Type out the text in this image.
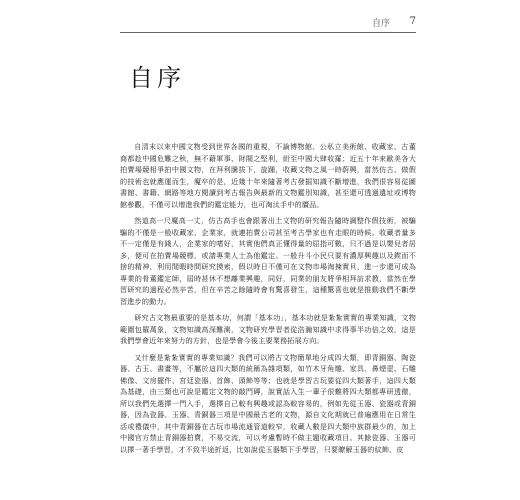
自序 7
自序

自清末以來中國文物受到世界各國的重視，不論博物館、公私立美術館、收藏家、古董商都趁中國危難之秋，無不藉軍事、財閥之堅利，紛至中國大肆收羅；近五十年來歐美各大拍賣場競相爭拍中國文物，在拜利騰拔下，旋踵，收藏文物之風一時蔚興，當然仿古、做假的技術也就應運而生，魔卒的是，近幾十年來隨著考古發掘知識不斷增進，我們很容易從圖書館、書籍、網路等地方閱讀到考古報告與最新的文物鑑別知識，甚至還可透過遺址或博物館參觀，不僅可以增進我們的鑑定能力，也可淘汰手中的贗品。

然道高一尺魔高一丈，仿古高手也會跟著出土文物的研究報告隨時調整作假技術，被騙騙的不僅是一般收藏家、企業家，就連拍賣公司甚至考古學家也有走眼的時候。收藏者量多不一定僅是有錢人，企業家的嗜好，其實他們真正懂得量的屈指可數，只不過是以嬰兒者居多，便可在拍賣場競標，或請專業人士為他鑑定。一般升斗小民只要有濃厚興趣以及鍥而不捨的精神，利用閒暇時間研究摸索，假以時日不僅可在文物市場淘揀實貝，進一步還可成為專業的骨董鑑定師，屆時甚休不想離業興趣，同好，同業的朋友將爭相拜訪求教，當然在學習研究的過程必然辛苦，但在辛苦之餘隨時會有驚喜發生，這種驚喜也就是推動我們不斷學習進步的動力。

研究古文物最重要的是基本功，何謂「基本功」，基本功就是紮紮實實的專業知識，文物範圍包羅萬象，文物知識高深難測，文物研究學習者從浩瀚知識中求得事半功倍之效，這是我們學會近年來努力的方針，也是學會今後主要業務拓展方向。

又什麼是紮紮實實的專業知識？我們可以將古文物簡單地分成四大類，即青銅器、陶瓷器、古玉、書畫等，不屬於這四大類的統稱為雜項類，如竹木牙角雕、家具、鼻煙壺、石雕佛像、文房擺件、宮廷瓷器、首飾、頭飾等等；也就是學習古玩要從四大類著手，這四大類為基礎，由三類也可說是鑑定文物的敲門磚，說實話入生一輩子很難將四大類都專研透徹，所以我們先選擇一門入手，選擇自己較有興趣或認為較容易的，例如先從玉器、瓷器或青銅器，因為瓷器、玉器、青銅器三項是中國最古老的文物，源自文化期就已普遍應用在日常生活或禮儀中，其中青銅器在古玩市場流通管道較窄，收藏人數是四大類中族群最少的，加上中國官方禁止青銅器拍賣，不易交流，可以考慮暫時不做主題收藏項目。其餘瓷器、玉器可以擇一著手學習，才不致半途折返，比如說從玉器類下手學習，只要瞭解玉器的紋飾、皮
